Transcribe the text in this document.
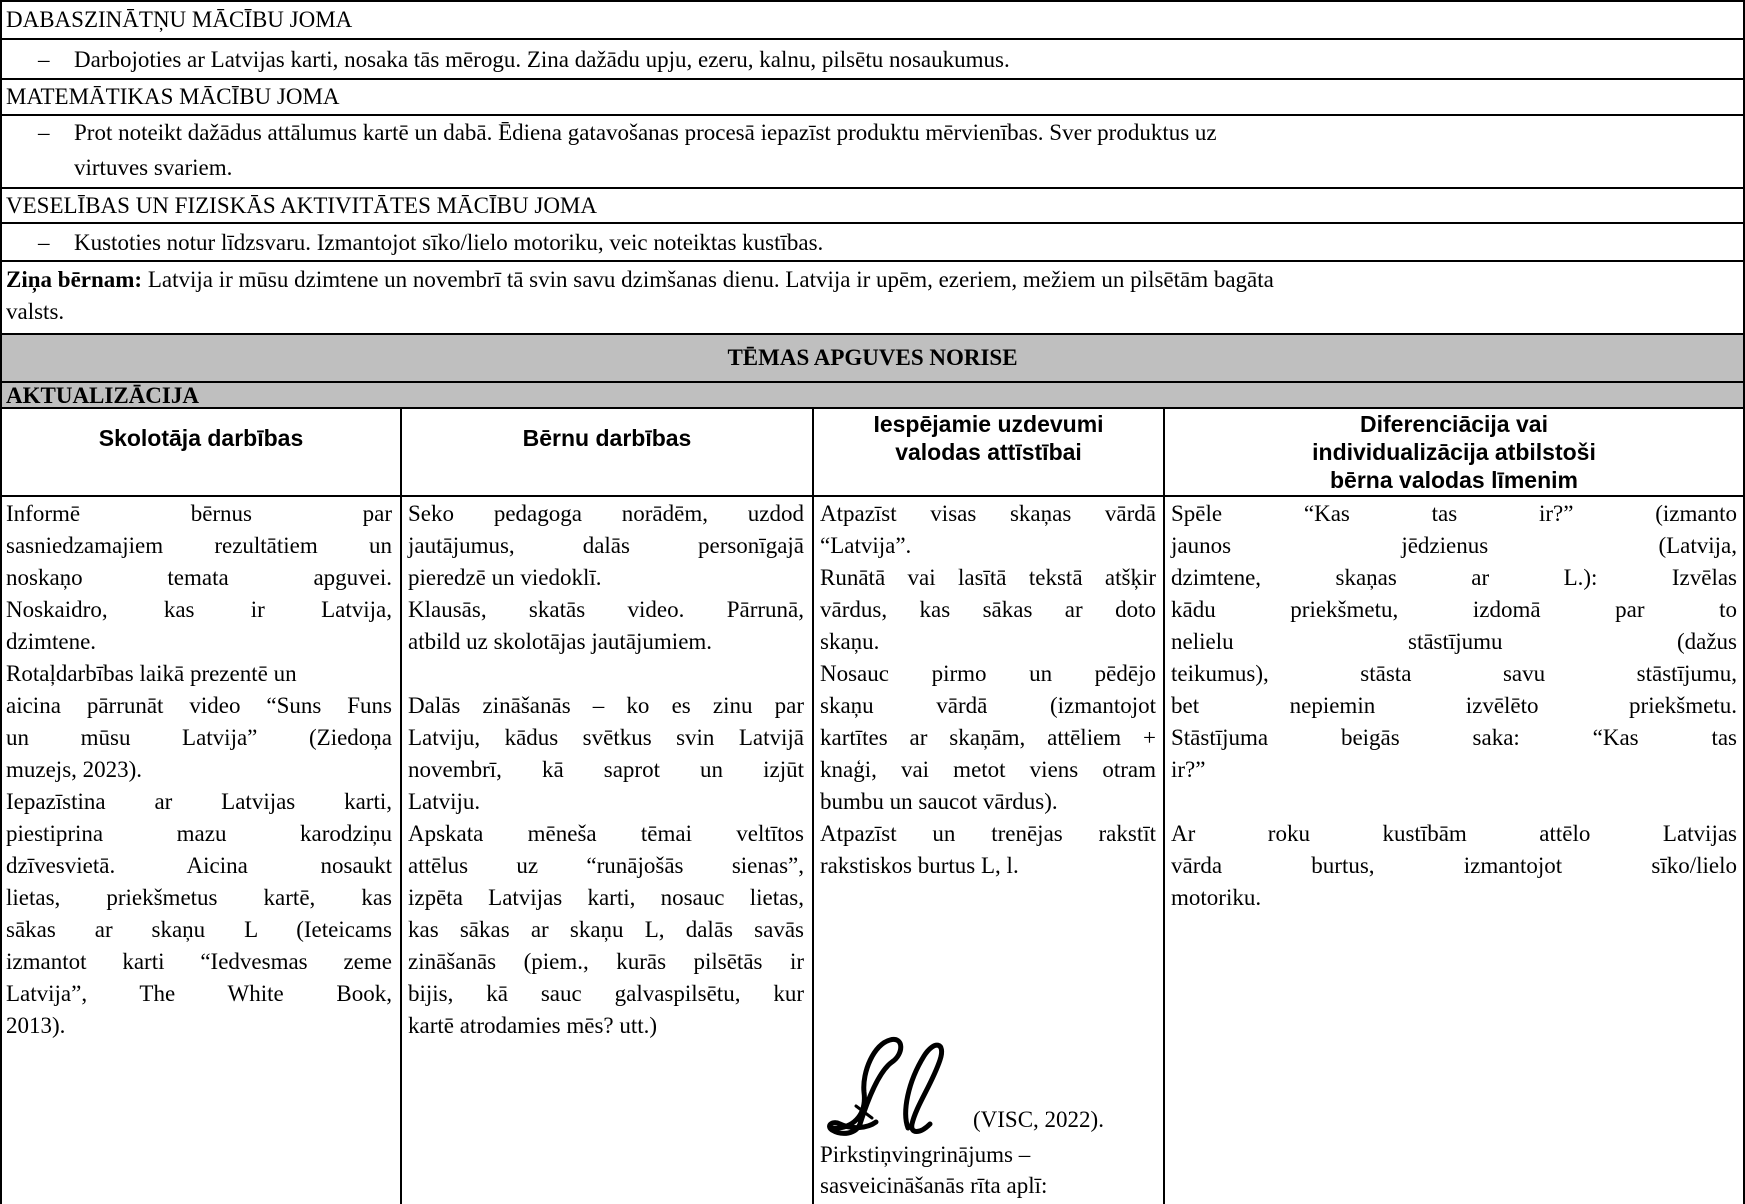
DABASZINĀTŅU MĀCĪBU JOMA
– Darbojoties ar Latvijas karti, nosaka tās mērogu. Zina dažādu upju, ezeru, kalnu, pilsētu nosaukumus.
MATEMĀTIKAS MĀCĪBU JOMA
– Prot noteikt dažādus attālumus kartē un dabā. Ēdiena gatavošanas procesā iepazīst produktu mērvienības. Sver produktus uz
virtuves svariem.
VESELĪBAS UN FIZISKĀS AKTIVITĀTES MĀCĪBU JOMA
– Kustoties notur līdzsvaru. Izmantojot sīko/lielo motoriku, veic noteiktas kustības.
Ziņa bērnam: Latvija ir mūsu dzimtene un novembrī tā svin savu dzimšanas dienu. Latvija ir upēm, ezeriem, mežiem un pilsētām bagāta
valsts.
TĒMAS APGUVES NORISE
AKTUALIZĀCIJA
Skolotāja darbības	Bērnu darbības
Iespējamie uzdevumi
valodas attīstībai
Diferenciācija vai
individualizācija atbilstoši
bērna valodas līmenim
Informē bērnus par
sasniedzamajiem rezultātiem un
noskaņo temata apguvei.
Noskaidro, kas ir Latvija,
dzimtene.
Rotaļdarbības laikā prezentē un
aicina pārrunāt video “Suns Funs
un mūsu Latvija” (Ziedoņa
muzejs, 2023).
Iepazīstina ar Latvijas karti,
piestiprina mazu karodziņu
dzīvesvietā. Aicina nosaukt
lietas, priekšmetus kartē, kas
sākas ar skaņu L (Ieteicams
izmantot karti “Iedvesmas zeme
Latvija”, The White Book,
2013).
Seko pedagoga norādēm, uzdod
jautājumus, dalās personīgajā
pieredzē un viedoklī.
Klausās, skatās video. Pārrunā,
atbild uz skolotājas jautājumiem.
Dalās zināšanās – ko es zinu par
Latviju, kādus svētkus svin Latvijā
novembrī, kā saprot un izjūt
Latviju.
Apskata mēneša tēmai veltītos
attēlus uz “runājošās sienas”,
izpēta Latvijas karti, nosauc lietas,
kas sākas ar skaņu L, dalās savās
zināšanās (piem., kurās pilsētās ir
bijis, kā sauc galvaspilsētu, kur
kartē atrodamies mēs? utt.)
Atpazīst visas skaņas vārdā
“Latvija”.
Runātā vai lasītā tekstā atšķir
vārdus, kas sākas ar doto
skaņu.
Nosauc pirmo un pēdējo
skaņu vārdā (izmantojot
kartītes ar skaņām, attēliem +
knaģi, vai metot viens otram
bumbu un saucot vārdus).
Atpazīst un trenējas rakstīt
rakstiskos burtus L, l.
(VISC, 2022).
Pirkstiņvingrinājums –
sasveicināšanās rīta aplī:
Spēle “Kas tas ir?” (izmanto
jaunos jēdzienus (Latvija,
dzimtene, skaņas ar L.): Izvēlas
kādu priekšmetu, izdomā par to
nelielu stāstījumu (dažus
teikumus), stāsta savu stāstījumu,
bet nepiemin izvēlēto priekšmetu.
Stāstījuma beigās saka: “Kas tas
ir?”
Ar roku kustībām attēlo Latvijas
vārda burtus, izmantojot sīko/lielo
motoriku.
